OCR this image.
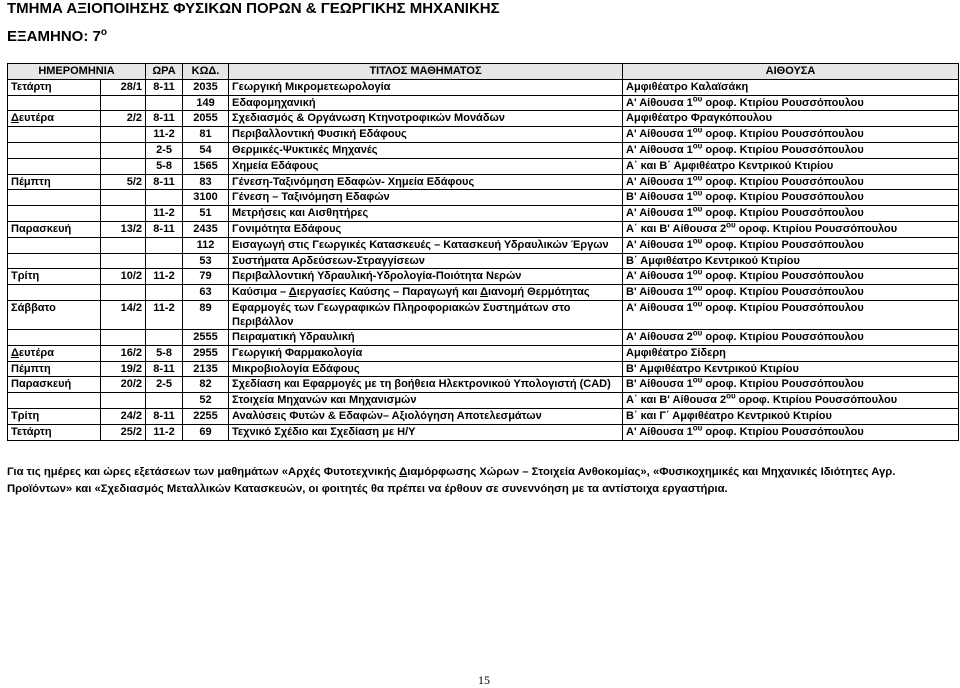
ΤΜΗΜΑ ΑΞΙΟΠΟΙΗΣΗΣ ΦΥΣΙΚΩΝ ΠΟΡΩΝ & ΓΕΩΡΓΙΚΗΣ ΜΗΧΑΝΙΚΗΣ
ΕΞΑΜΗΝΟ: $7^o$
ΗΜΕΡΟΜΗΝΙΑ		ΩΡΑ	ΚΩΔ.	ΤΙΤΛΟΣ ΜΑΘΗΜΑΤΟΣ	ΑΙΘΟΥΣΑ
Τετάρτη	28/1	8-11	2035	Γεωργική Μικρομετεωρολογία	Αμφιθέατρο Καλαϊσάκη
			149	Εδαφομηχανική	Α' Αίθουσα $1^{o\upsilon}$ οροφ. Κτιρίου Ρουσσόπουλου
Δευτέρα	2/2	8-11	2055	Σχεδιασμός & Οργάνωση Κτηνοτροφικών Μονάδων	Αμφιθέατρο Φραγκόπουλου
		11-2	81	Περιβαλλοντική Φυσική Εδάφους	Α' Αίθουσα $1^{o\upsilon}$ οροφ. Κτιρίου Ρουσσόπουλου
		2-5	54	Θερμικές-Ψυκτικές Μηχανές	Α' Αίθουσα $1^{o\upsilon}$ οροφ. Κτιρίου Ρουσσόπουλου
		5-8	1565	Χημεία Εδάφους	Α΄ και Β΄ Αμφιθέατρο Κεντρικού Κτιρίου
Πέμπτη	5/2	8-11	83	Γένεση-Ταξινόμηση Εδαφών- Χημεία Εδάφους	Α' Αίθουσα $1^{o\upsilon}$ οροφ. Κτιρίου Ρουσσόπουλου
			3100	Γένεση – Ταξινόμηση Εδαφών	Β' Αίθουσα $1^{o\upsilon}$ οροφ. Κτιρίου Ρουσσόπουλου
		11-2	51	Μετρήσεις και Αισθητήρες	Α' Αίθουσα $1^{o\upsilon}$ οροφ. Κτιρίου Ρουσσόπουλου
Παρασκευή	13/2	8-11	2435	Γονιμότητα Εδάφους	Α΄ και Β' Αίθουσα $2^{o\upsilon}$ οροφ. Κτιρίου Ρουσσόπουλου
			112	Εισαγωγή στις Γεωργικές Κατασκευές – Κατασκευή Υδραυλικών Έργων	Α' Αίθουσα $1^{o\upsilon}$ οροφ. Κτιρίου Ρουσσόπουλου
			53	Συστήματα Αρδεύσεων-Στραγγίσεων	Β΄ Αμφιθέατρο Κεντρικού Κτιρίου
Τρίτη	10/2	11-2	79	Περιβαλλοντική Υδραυλική-Υδρολογία-Ποιότητα Νερών	Α' Αίθουσα $1^{o\upsilon}$ οροφ. Κτιρίου Ρουσσόπουλου
			63	Καύσιμα – Διεργασίες Καύσης – Παραγωγή και Διανομή Θερμότητας	Β' Αίθουσα $1^{o\upsilon}$ οροφ. Κτιρίου Ρουσσόπουλου
Σάββατο	14/2	11-2	89	Εφαρμογές των Γεωγραφικών Πληροφοριακών Συστημάτων στο Περιβάλλον	Α' Αίθουσα $1^{o\upsilon}$ οροφ. Κτιρίου Ρουσσόπουλου
			2555	Πειραματική Υδραυλική	Α' Αίθουσα $2^{o\upsilon}$ οροφ. Κτιρίου Ρουσσόπουλου
Δευτέρα	16/2	5-8	2955	Γεωργική Φαρμακολογία	Αμφιθέατρο Σίδερη
Πέμπτη	19/2	8-11	2135	Μικροβιολογία Εδάφους	Β' Αμφιθέατρο Κεντρικού Κτιρίου
Παρασκευή	20/2	2-5	82	Σχεδίαση και Εφαρμογές με τη βοήθεια Ηλεκτρονικού Υπολογιστή (CAD)	Β' Αίθουσα $1^{o\upsilon}$ οροφ. Κτιρίου Ρουσσόπουλου
			52	Στοιχεία Μηχανών και Μηχανισμών	Α΄ και Β' Αίθουσα $2^{o\upsilon}$ οροφ. Κτιρίου Ρουσσόπουλου
Τρίτη	24/2	8-11	2255	Αναλύσεις Φυτών & Εδαφών– Αξιολόγηση Αποτελεσμάτων	Β΄ και Γ΄ Αμφιθέατρο Κεντρικού Κτιρίου
Τετάρτη	25/2	11-2	69	Τεχνικό Σχέδιο και Σχεδίαση με Η/Υ	Α' Αίθουσα $1^{o\upsilon}$ οροφ. Κτιρίου Ρουσσόπουλου
Για τις ημέρες και ώρες εξετάσεων των μαθημάτων «Αρχές Φυτοτεχνικής Διαμόρφωσης Χώρων – Στοιχεία Ανθοκομίας», «Φυσικοχημικές και Μηχανικές Ιδιότητες Αγρ. Προϊόντων» και «Σχεδιασμός Μεταλλικών Κατασκευών, οι φοιτητές θα πρέπει να έρθουν σε συνεννόηση με τα αντίστοιχα εργαστήρια.
15
